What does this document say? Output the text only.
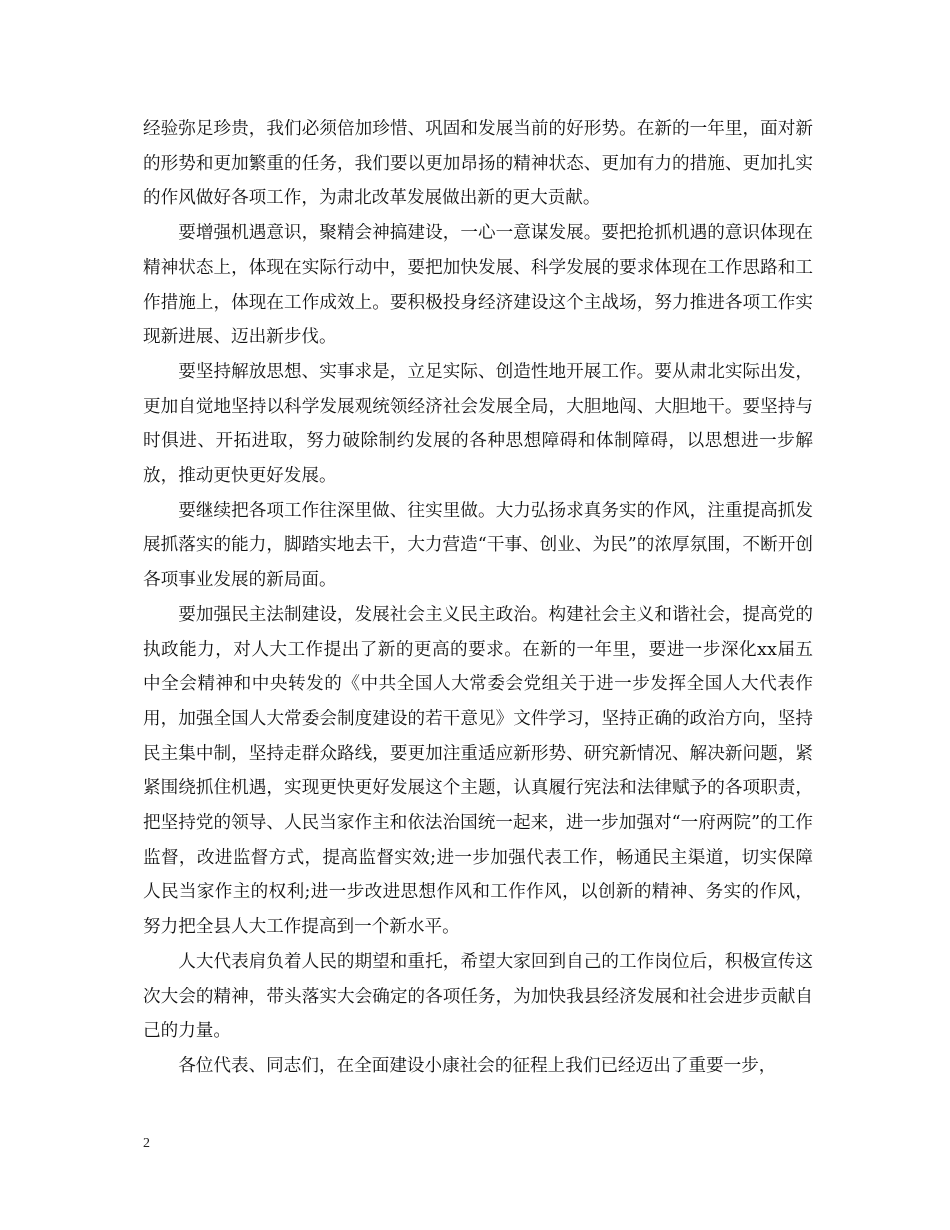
经验弥足珍贵，我们必须倍加珍惜、巩固和发展当前的好形势。在新的一年里，面对新的形势和更加繁重的任务，我们要以更加昂扬的精神状态、更加有力的措施、更加扎实的作风做好各项工作，为肃北改革发展做出新的更大贡献。

要增强机遇意识，聚精会神搞建设，一心一意谋发展。要把抢抓机遇的意识体现在精神状态上，体现在实际行动中，要把加快发展、科学发展的要求体现在工作思路和工作措施上，体现在工作成效上。要积极投身经济建设这个主战场，努力推进各项工作实现新进展、迈出新步伐。

要坚持解放思想、实事求是，立足实际、创造性地开展工作。要从肃北实际出发，更加自觉地坚持以科学发展观统领经济社会发展全局，大胆地闯、大胆地干。要坚持与时俱进、开拓进取，努力破除制约发展的各种思想障碍和体制障碍，以思想进一步解放，推动更快更好发展。

要继续把各项工作往深里做、往实里做。大力弘扬求真务实的作风，注重提高抓发展抓落实的能力，脚踏实地去干，大力营造“干事、创业、为民”的浓厚氛围，不断开创各项事业发展的新局面。

要加强民主法制建设，发展社会主义民主政治。构建社会主义和谐社会，提高党的执政能力，对人大工作提出了新的更高的要求。在新的一年里，要进一步深化xx届五中全会精神和中央转发的《中共全国人大常委会党组关于进一步发挥全国人大代表作用，加强全国人大常委会制度建设的若干意见》文件学习，坚持正确的政治方向，坚持民主集中制，坚持走群众路线，要更加注重适应新形势、研究新情况、解决新问题，紧紧围绕抓住机遇，实现更快更好发展这个主题，认真履行宪法和法律赋予的各项职责，把坚持党的领导、人民当家作主和依法治国统一起来，进一步加强对“一府两院”的工作监督，改进监督方式，提高监督实效;进一步加强代表工作，畅通民主渠道，切实保障人民当家作主的权利;进一步改进思想作风和工作作风，以创新的精神、务实的作风，努力把全县人大工作提高到一个新水平。

人大代表肩负着人民的期望和重托，希望大家回到自己的工作岗位后，积极宣传这次大会的精神，带头落实大会确定的各项任务，为加快我县经济发展和社会进步贡献自己的力量。

各位代表、同志们，在全面建设小康社会的征程上我们已经迈出了重要一步，

2
